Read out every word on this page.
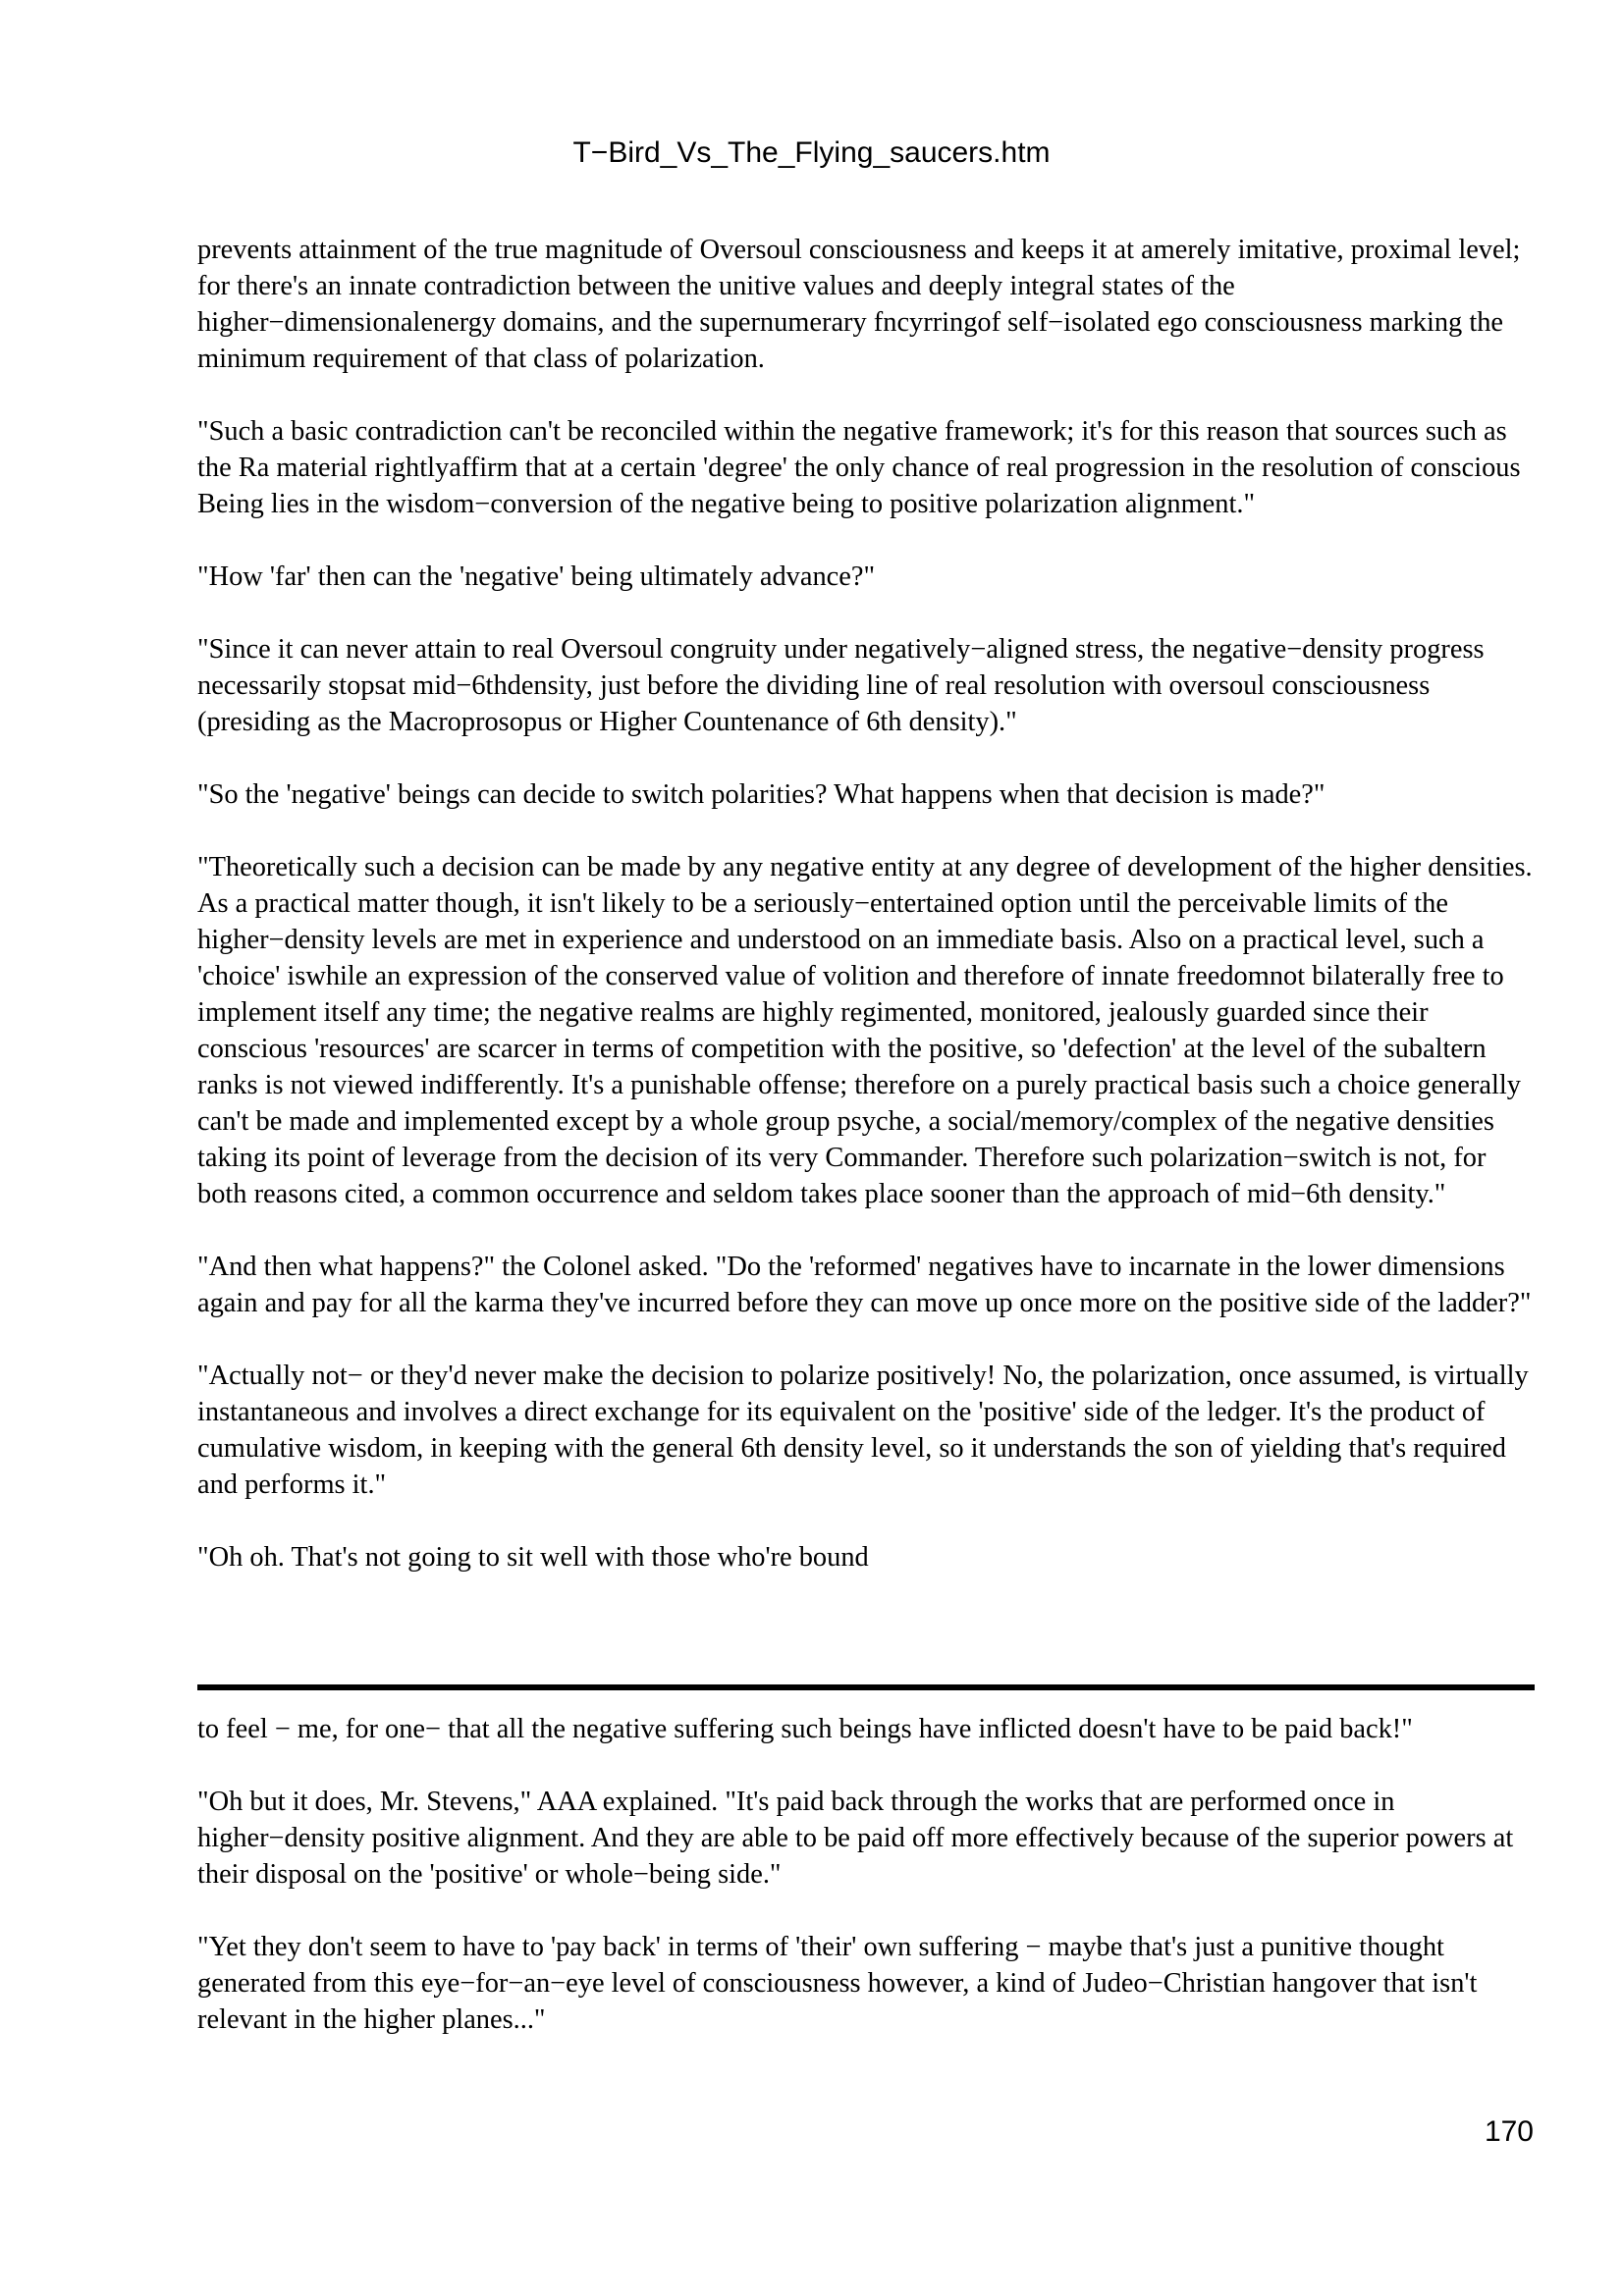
T−Bird_Vs_The_Flying_saucers.htm

prevents attainment of the true magnitude of Oversoul consciousness and keeps it at amerely imitative, proximal level; for there's an innate contradiction between the unitive values and deeply integral states of the higher−dimensionalenergy domains, and the supernumerary fncyrringof self−isolated ego consciousness marking the minimum requirement of that class of polarization.

"Such a basic contradiction can't be reconciled within the negative framework; it's for this reason that sources such as the Ra material rightlyaffirm that at a certain 'degree' the only chance of real progression in the resolution of conscious Being lies in the wisdom−conversion of the negative being to positive polarization alignment."

"How 'far' then can the 'negative' being ultimately advance?"

"Since it can never attain to real Oversoul congruity under negatively−aligned stress, the negative−density progress necessarily stopsat mid−6thdensity, just before the dividing line of real resolution with oversoul consciousness (presiding as the Macroprosopus or Higher Countenance of 6th density)."

"So the 'negative' beings can decide to switch polarities? What happens when that decision is made?"

"Theoretically such a decision can be made by any negative entity at any degree of development of the higher densities. As a practical matter though, it isn't likely to be a seriously−entertained option until the perceivable limits of the higher−density levels are met in experience and understood on an immediate basis. Also on a practical level, such a 'choice' iswhile an expression of the conserved value of volition and therefore of innate freedomnot bilaterally free to implement itself any time; the negative realms are highly regimented, monitored, jealously guarded since their conscious 'resources' are scarcer in terms of competition with the positive, so 'defection' at the level of the subaltern ranks is not viewed indifferently. It's a punishable offense; therefore on a purely practical basis such a choice generally can't be made and implemented except by a whole group psyche, a social/memory/complex of the negative densities taking its point of leverage from the decision of its very Commander. Therefore such polarization−switch is not, for both reasons cited, a common occurrence and seldom takes place sooner than the approach of mid−6th density."

"And then what happens?" the Colonel asked. "Do the 'reformed' negatives have to incarnate in the lower dimensions again and pay for all the karma they've incurred before they can move up once more on the positive side of the ladder?"

"Actually not− or they'd never make the decision to polarize positively! No, the polarization, once assumed, is virtually instantaneous and involves a direct exchange for its equivalent on the 'positive' side of the ledger. It's the product of cumulative wisdom, in keeping with the general 6th density level, so it understands the son of yielding that's required and performs it."

"Oh oh. That's not going to sit well with those who're bound

to feel − me, for one− that all the negative suffering such beings have inflicted doesn't have to be paid back!"

"Oh but it does, Mr. Stevens," AAA explained. "It's paid back through the works that are performed once in higher−density positive alignment. And they are able to be paid off more effectively because of the superior powers at their disposal on the 'positive' or whole−being side."

"Yet they don't seem to have to 'pay back' in terms of 'their' own suffering − maybe that's just a punitive thought generated from this eye−for−an−eye level of consciousness however, a kind of Judeo−Christian hangover that isn't relevant in the higher planes..."

170
